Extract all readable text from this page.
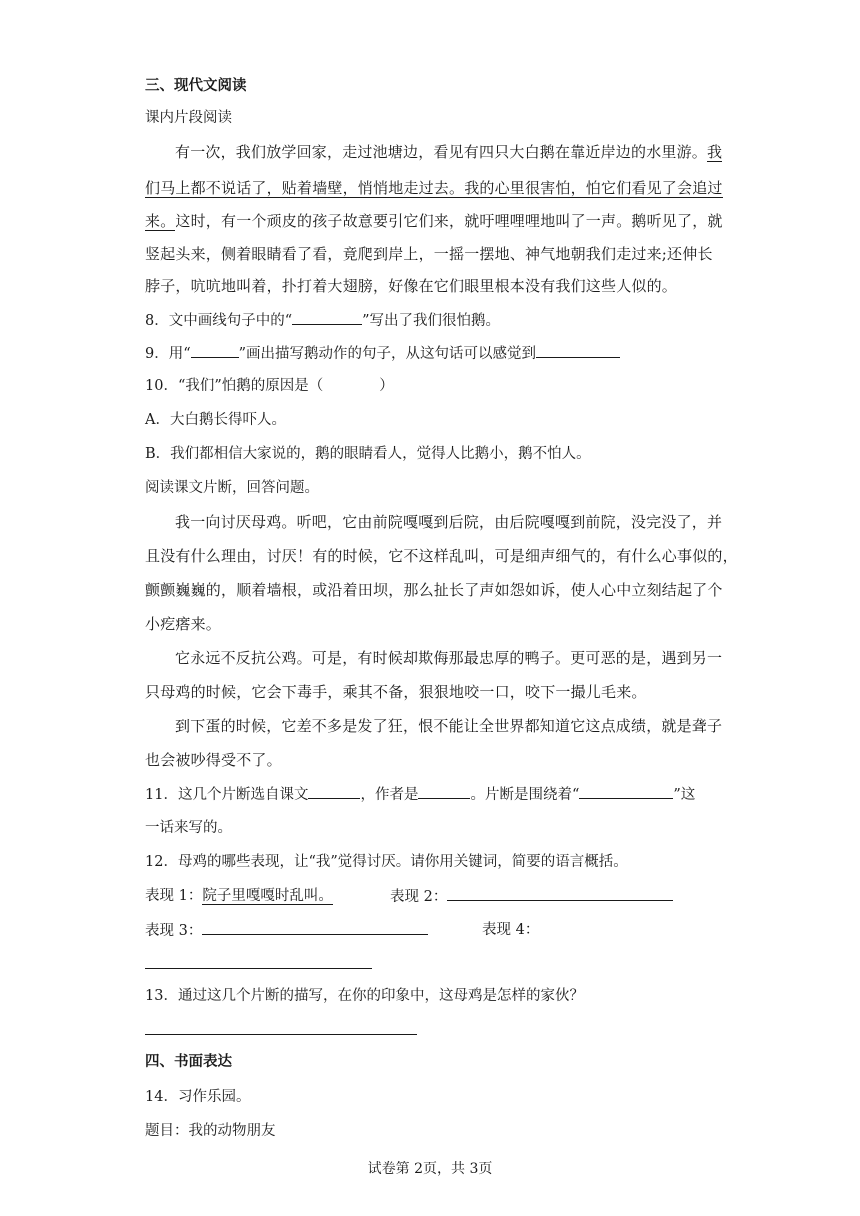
三、现代文阅读
课内片段阅读
有一次，我们放学回家，走过池塘边，看见有四只大白鹅在靠近岸边的水里游。我
们马上都不说话了，贴着墙壁，悄悄地走过去。我的心里很害怕，怕它们看见了会追过
来。这时，有一个顽皮的孩子故意要引它们来，就吁哩哩哩地叫了一声。鹅听见了，就
竖起头来，侧着眼睛看了看，竟爬到岸上，一摇一摆地、神气地朝我们走过来;还伸长
脖子，吭吭地叫着，扑打着大翅膀，好像在它们眼里根本没有我们这些人似的。
8．文中画线句子中的“	”写出了我们很怕鹅。
9．用“	”画出描写鹅动作的句子，从这句话可以感觉到
10．“我们”怕鹅的原因是（	）
A．大白鹅长得吓人。
B．我们都相信大家说的，鹅的眼睛看人，觉得人比鹅小，鹅不怕人。
阅读课文片断，回答问题。
我一向讨厌母鸡。听吧，它由前院嘎嘎到后院，由后院嘎嘎到前院，没完没了，并
且没有什么理由，讨厌！有的时候，它不这样乱叫，可是细声细气的，有什么心事似的，
颤颤巍巍的，顺着墙根，或沿着田坝，那么扯长了声如怨如诉，使人心中立刻结起了个
小疙瘩来。
它永远不反抗公鸡。可是，有时候却欺侮那最忠厚的鸭子。更可恶的是，遇到另一
只母鸡的时候，它会下毒手，乘其不备，狠狠地咬一口，咬下一撮儿毛来。
到下蛋的时候，它差不多是发了狂，恨不能让全世界都知道它这点成绩，就是聋子
也会被吵得受不了。
11．这几个片断选自课文	，作者是	。片断是围绕着“	”这
一话来写的。
12．母鸡的哪些表现，让“我”觉得讨厌。请你用关键词，简要的语言概括。
表现 1：院子里嘎嘎时乱叫。	表现 2：
表现 3：	表现 4：
13．通过这几个片断的描写，在你的印象中，这母鸡是怎样的家伙？
四、书面表达
14．习作乐园。
题目：我的动物朋友
试卷第 2页，共 3页
